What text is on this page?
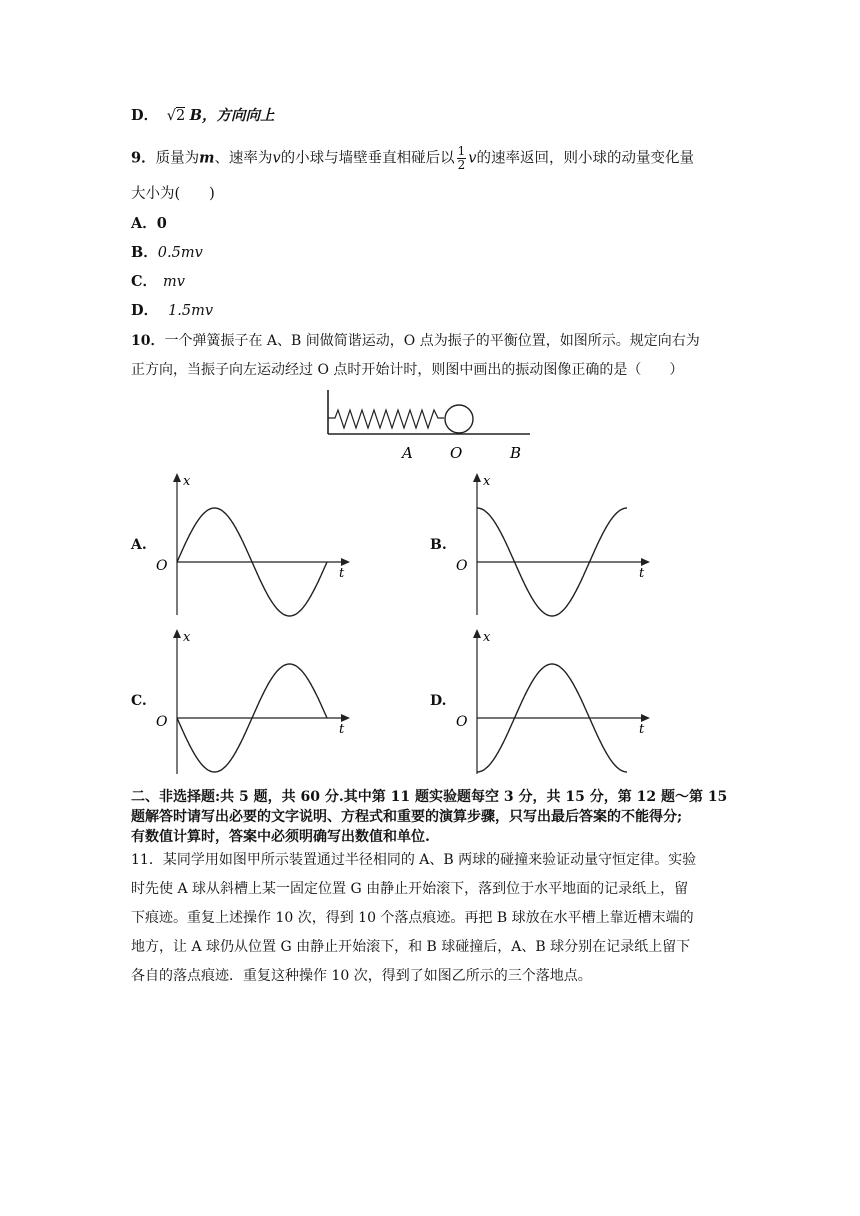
D． √2 B，方向向上
9．质量为m、速率为v的小球与墙壁垂直相碰后以 $\frac{1}{2}$ v的速率返回，则小球的动量变化量
大小为(　　)
A．0
B．0.5mv
C． mv
D． 1.5mv
10．一个弹簧振子在 A、B 间做简谐运动，O 点为振子的平衡位置，如图所示。规定向右为
正方向，当振子向左运动经过 O 点时开始计时，则图中画出的振动图像正确的是（　　）
A O	B
A.
x
t
O
B.
x
t
O
C.
x
t
O
D.
x
t
O
二、非选择题:共 5 题，共 60 分.其中第 11 题实验题每空 3 分，共 15 分，第 12 题～第 15
题解答时请写出必要的文字说明、方程式和重要的演算步骤，只写出最后答案的不能得分;
有数值计算时，答案中必须明确写出数值和单位.
11．某同学用如图甲所示装置通过半径相同的 A、B 两球的碰撞来验证动量守恒定律。实验
时先使 A 球从斜槽上某一固定位置 G 由静止开始滚下，落到位于水平地面的记录纸上，留
下痕迹。重复上述操作 10 次，得到 10 个落点痕迹。再把 B 球放在水平槽上靠近槽末端的
地方，让 A 球仍从位置 G 由静止开始滚下，和 B 球碰撞后，A、B 球分别在记录纸上留下
各自的落点痕迹．重复这种操作 10 次，得到了如图乙所示的三个落地点。
